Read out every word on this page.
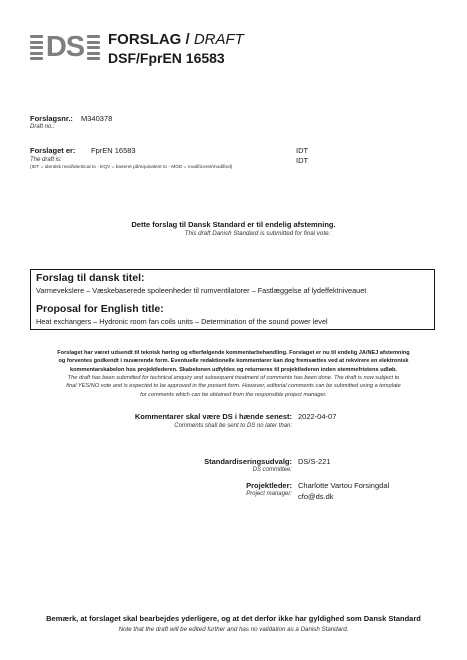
DS FORSLAG / DRAFT
DSF/FprEN 16583
Forslagsnr.: M340378
Draft no.:
Forslaget er: FprEN 16583	IDT
The draft is:	IDT
(IDT = identisk med/identical to - EQV = baseret på/equivalent to - MOD = modificeret/modified)
Dette forslag til Dansk Standard er til endelig afstemning.
This draft Danish Standard is submitted for final vote.
Forslag til dansk titel:
Varmevekslere – Væskebaserede spoleenheder til rumventilatorer – Fastlæggelse af lydeffektniveauet
Proposal for English title:
Heat exchangers – Hydronic room fan coils units – Determination of the sound power level
Forslaget har været udsendt til teknisk høring og efterfølgende kommentarbehandling. Forslaget er nu til endelig JA/NEJ afstemning
og forventes godkendt i nuværende form. Eventuelle redaktionelle kommentarer kan dog fremsættes ved at rekvirere en elektronisk
kommentarskabelon hos projektlederen. Skabelonen udfyldes og returneres til projektlederen inden stemmefristens udløb.
The draft has been submitted for technical enquiry and subsequent treatment of comments has been done. The draft is now subject to
final YES/NO vote and is expected to be approved in the present form. However, editorial comments can be submitted using a template
for comments which can be obtained from the responsible project manager.
Kommentarer skal være DS i hænde senest:
Comments shall be sent to DS no later than:
2022-04-07
Standardiseringsudvalg:
DS committee:
DS/S-221
Projektleder:
Project manager:
Charlotte Vartou Forsingdal
cfo@ds.dk
Bemærk, at forslaget skal bearbejdes yderligere, og at det derfor ikke har gyldighed som Dansk Standard
Note that the draft will be edited further and has no validation as a Danish Standard.
